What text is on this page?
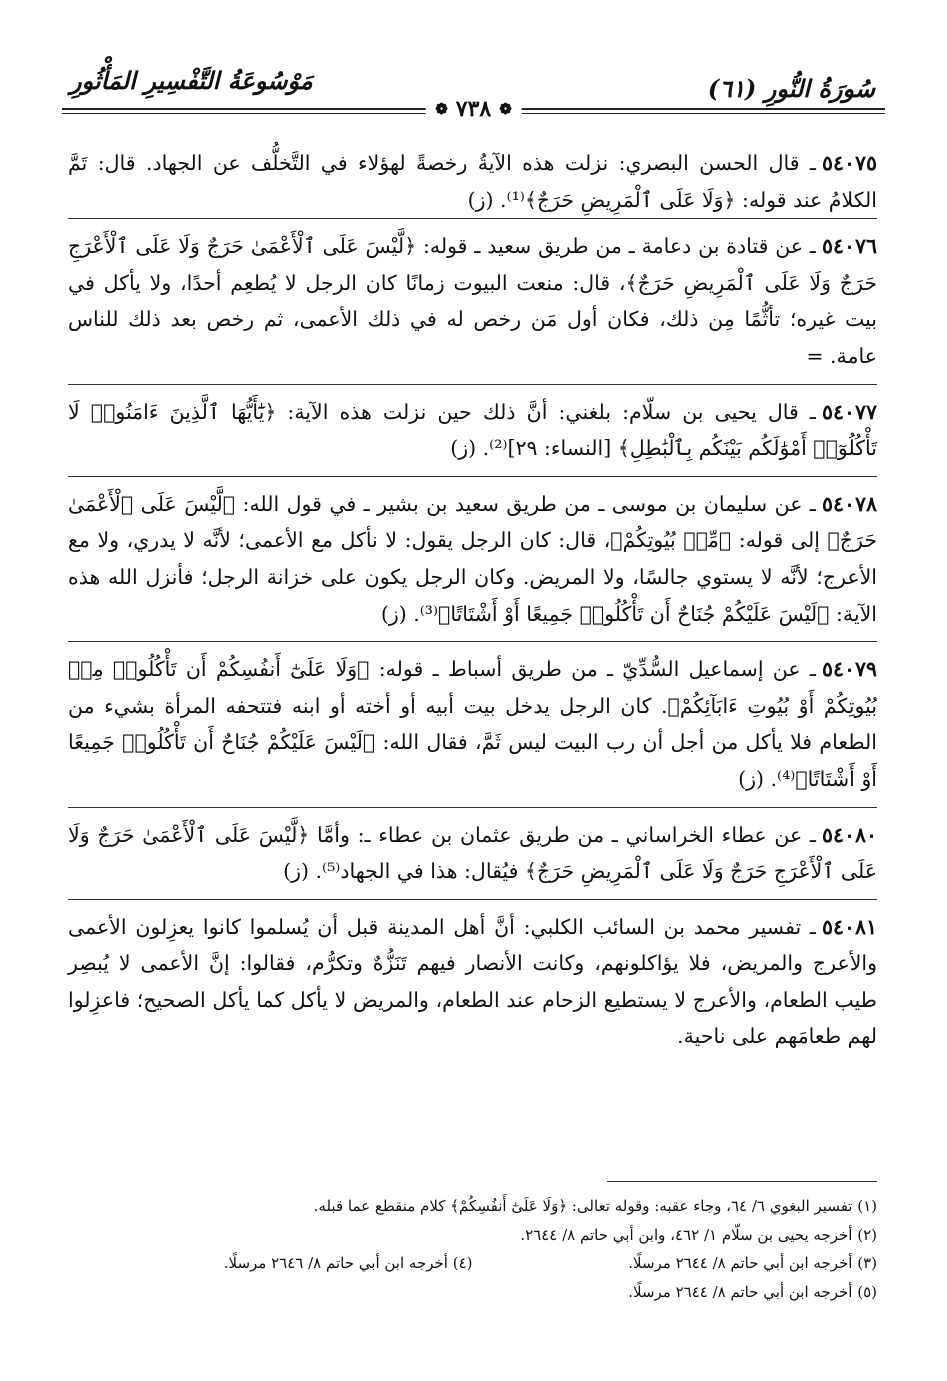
سُورَةُ النُّورِ (٦١)
مَوْسُوعَةُ التَّفْسِيرِ المَأْثُورِ
❁
٧٣٨
❁

٥٤٠٧٥ـ قال الحسن البصري: نزلت هذه الآيةُ رخصةً لهؤلاء في التَّخلُّف عن الجهاد. قال: تَمَّ الكلامُ عند قوله: ﴿وَلَا عَلَى ٱلْمَرِيضِ حَرَجٌ﴾⁽¹⁾. (ز)

٥٤٠٧٦ـ عن قتادة بن دعامة ـ من طريق سعيد ـ قوله: ﴿لَّيْسَ عَلَى ٱلْأَعْمَىٰ حَرَجٌ وَلَا عَلَى ٱلْأَعْرَجِ حَرَجٌ وَلَا عَلَى ٱلْمَرِيضِ حَرَجٌ﴾، قال: منعت البيوت زمانًا كان الرجل لا يُطعِم أحدًا، ولا يأكل في بيت غيره؛ تأثُّمًا مِن ذلك، فكان أول مَن رخص له في ذلك الأعمى، ثم رخص بعد ذلك للناس عامة. =

٥٤٠٧٧ـ قال يحيى بن سلّام: بلغني: أنَّ ذلك حين نزلت هذه الآية: ﴿يَٰٓأَيُّهَا ٱلَّذِينَ ءَامَنُوا۟ لَا تَأْكُلُوٓا۟ أَمْوَٰلَكُم بَيْنَكُم بِٱلْبَٰطِلِ﴾ [النساء: ٢٩]⁽²⁾. (ز)

٥٤٠٧٨ـ عن سليمان بن موسى ـ من طريق سعيد بن بشير ـ في قول الله: ﴿لَّيْسَ عَلَى ٱلْأَعْمَىٰ حَرَجٌ﴾ إلى قوله: ﴿مِّنۢ بُيُوتِكُمْ﴾، قال: كان الرجل يقول: لا نأكل مع الأعمى؛ لأنَّه لا يدري، ولا مع الأعرج؛ لأنَّه لا يستوي جالسًا، ولا المريض. وكان الرجل يكون على خزانة الرجل؛ فأنزل الله هذه الآية: ﴿لَيْسَ عَلَيْكُمْ جُنَاحٌ أَن تَأْكُلُوا۟ جَمِيعًا أَوْ أَشْتَاتًا﴾⁽³⁾. (ز)

٥٤٠٧٩ـ عن إسماعيل السُّدِّيّ ـ من طريق أسباط ـ قوله: ﴿وَلَا عَلَىٰٓ أَنفُسِكُمْ أَن تَأْكُلُوا۟ مِنۢ بُيُوتِكُمْ أَوْ بُيُوتِ ءَابَآئِكُمْ﴾. كان الرجل يدخل بيت أبيه أو أخته أو ابنه فتتحفه المرأة بشيء من الطعام فلا يأكل من أجل أن رب البيت ليس ثَمَّ، فقال الله: ﴿لَيْسَ عَلَيْكُمْ جُنَاحٌ أَن تَأْكُلُوا۟ جَمِيعًا أَوْ أَشْتَاتًا﴾⁽⁴⁾. (ز)

٥٤٠٨٠ـ عن عطاء الخراساني ـ من طريق عثمان بن عطاء ـ: وأمَّا ﴿لَّيْسَ عَلَى ٱلْأَعْمَىٰ حَرَجٌ وَلَا عَلَى ٱلْأَعْرَجِ حَرَجٌ وَلَا عَلَى ٱلْمَرِيضِ حَرَجٌ﴾ فيُقال: هذا في الجهاد⁽⁵⁾. (ز)

٥٤٠٨١ـ تفسير محمد بن السائب الكلبي: أنَّ أهل المدينة قبل أن يُسلموا كانوا يعزِلون الأعمى والأعرج والمريض، فلا يؤاكلونهم، وكانت الأنصار فيهم تَنَزُّهٌ وتكرُّم، فقالوا: إنَّ الأعمى لا يُبصِر طيب الطعام، والأعرج لا يستطيع الزحام عند الطعام، والمريض لا يأكل كما يأكل الصحيح؛ فاعزِلوا لهم طعامَهم على ناحية.

(١) تفسير البغوي ٦/ ٦٤، وجاء عقبه: وقوله تعالى: ﴿وَلَا عَلَىٰٓ أَنفُسِكُمْ﴾ كلام منقطع عما قبله.
(٢) أخرجه يحيى بن سلّام ١/ ٤٦٢، وابن أبي حاتم ٨/ ٢٦٤٤.
(٣) أخرجه ابن أبي حاتم ٨/ ٢٦٤٤ مرسلًا.
(٤) أخرجه ابن أبي حاتم ٨/ ٢٦٤٦ مرسلًا.
(٥) أخرجه ابن أبي حاتم ٨/ ٢٦٤٤ مرسلًا.
